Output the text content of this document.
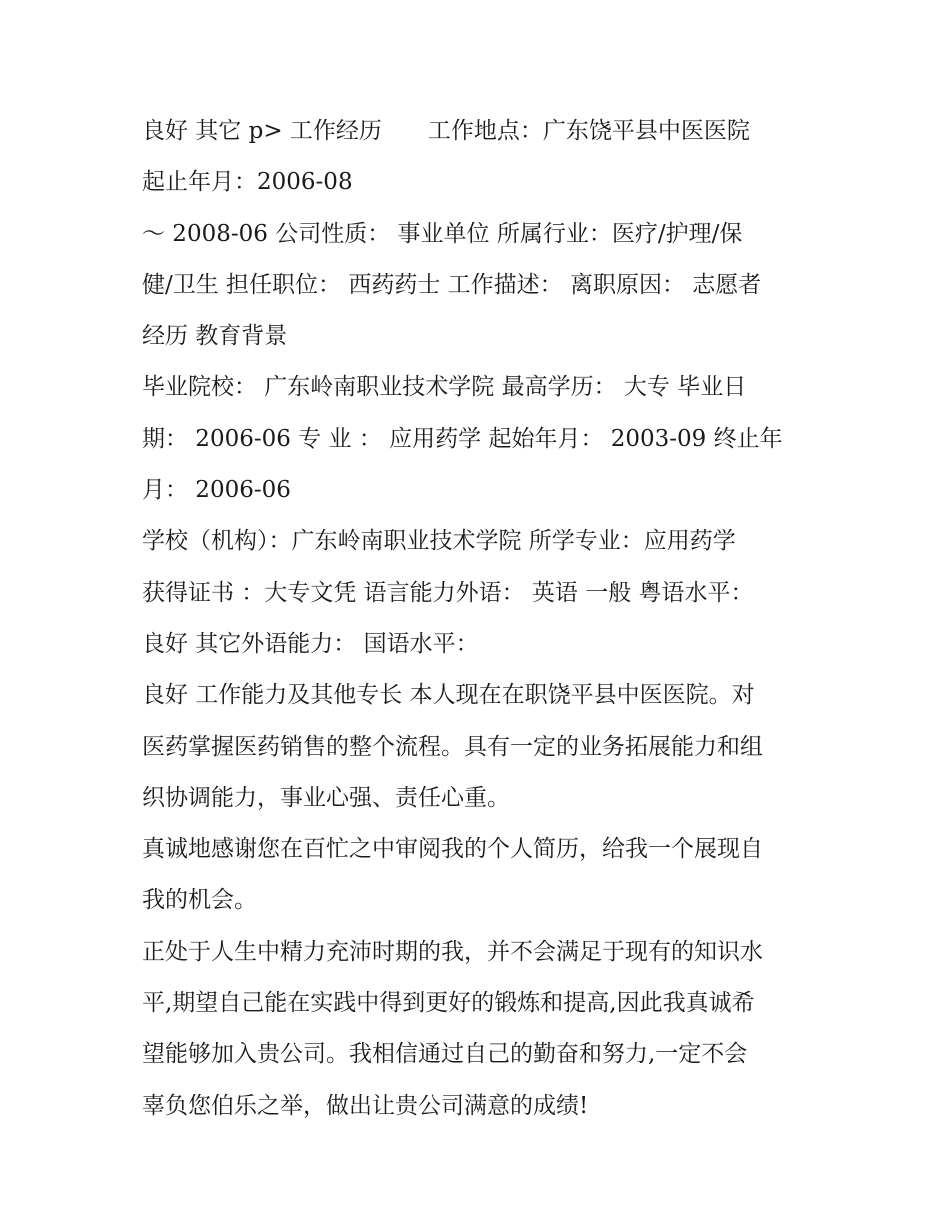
良好 其它 p> 工作经历　　工作地点：广东饶平县中医医院
起止年月：2006-08
～ 2008-06 公司性质： 事业单位 所属行业：医疗/护理/保
健/卫生 担任职位： 西药药士 工作描述： 离职原因： 志愿者
经历 教育背景
毕业院校： 广东岭南职业技术学院 最高学历： 大专 毕业日
期： 2006-06 专 业 ： 应用药学 起始年月： 2003-09 终止年
月： 2006-06
学校（机构）：广东岭南职业技术学院 所学专业：应用药学
获得证书 ：大专文凭 语言能力外语： 英语 一般 粤语水平：
良好 其它外语能力： 国语水平：
良好 工作能力及其他专长 本人现在在职饶平县中医医院。对
医药掌握医药销售的整个流程。具有一定的业务拓展能力和组
织协调能力，事业心强、责任心重。
真诚地感谢您在百忙之中审阅我的个人简历，给我一个展现自
我的机会。
正处于人生中精力充沛时期的我，并不会满足于现有的知识水
平,期望自己能在实践中得到更好的锻炼和提高,因此我真诚希
望能够加入贵公司。我相信通过自己的勤奋和努力,一定不会
辜负您伯乐之举，做出让贵公司满意的成绩!
